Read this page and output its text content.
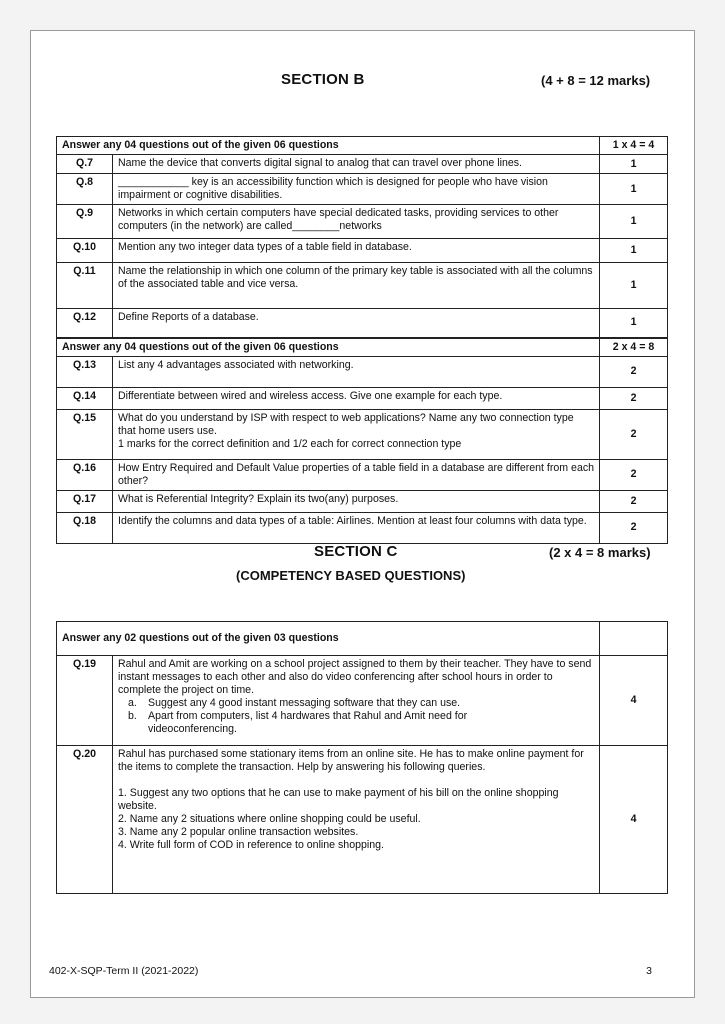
SECTION B	(4 + 8 = 12 marks)
Answer any 04 questions out of the given 06 questions		1 x 4 = 4
Q.7	Name the device that converts digital signal to analog that can travel over phone lines.	1
Q.8	____________ key is an accessibility function which is designed for people who have vision impairment or cognitive disabilities.	1
Q.9	Networks in which certain computers have special dedicated tasks, providing services to other computers (in the network) are called________networks	1
Q.10	Mention any two integer data types of a table field in database.	1
Q.11	Name the relationship in which one column of the primary key table is associated with all the columns of the associated table and vice versa.	1
Q.12	Define Reports of a database.	1
Answer any 04 questions out of the given 06 questions		2 x 4 = 8
Q.13	List any 4 advantages associated with networking.	2
Q.14	Differentiate between wired and wireless access. Give one example for each type.	2
Q.15	What do you understand by ISP with respect to web applications? Name any two connection type that home users use.
1 marks for the correct definition and 1/2 each for correct connection type	2
Q.16	How Entry Required and Default Value properties of a table field in a database are different from each other?	2
Q.17	What is Referential Integrity? Explain its two(any) purposes.	2
Q.18	Identify the columns and data types of a table: Airlines. Mention at least four columns with data type.	2
SECTION C	(2 x 4 = 8 marks)
(COMPETENCY BASED QUESTIONS)
Answer any 02 questions out of the given 03 questions		
Q.19	Rahul and Amit are working on a school project assigned to them by their teacher. They have to send instant messages to each other and also do video conferencing after school hours in order to complete the project on time.
a. Suggest any 4 good instant messaging software that they can use.
b. Apart from computers, list 4 hardwares that Rahul and Amit need for
videoconferencing.	4
Q.20	Rahul has purchased some stationary items from an online site. He has to make online payment for the items to complete the transaction. Help by answering his following queries.
1. Suggest any two options that he can use to make payment of his bill on the online shopping website.
2. Name any 2 situations where online shopping could be useful.
3. Name any 2 popular online transaction websites.
4. Write full form of COD in reference to online shopping.	4
402-X-SQP-Term II (2021-2022)	3
